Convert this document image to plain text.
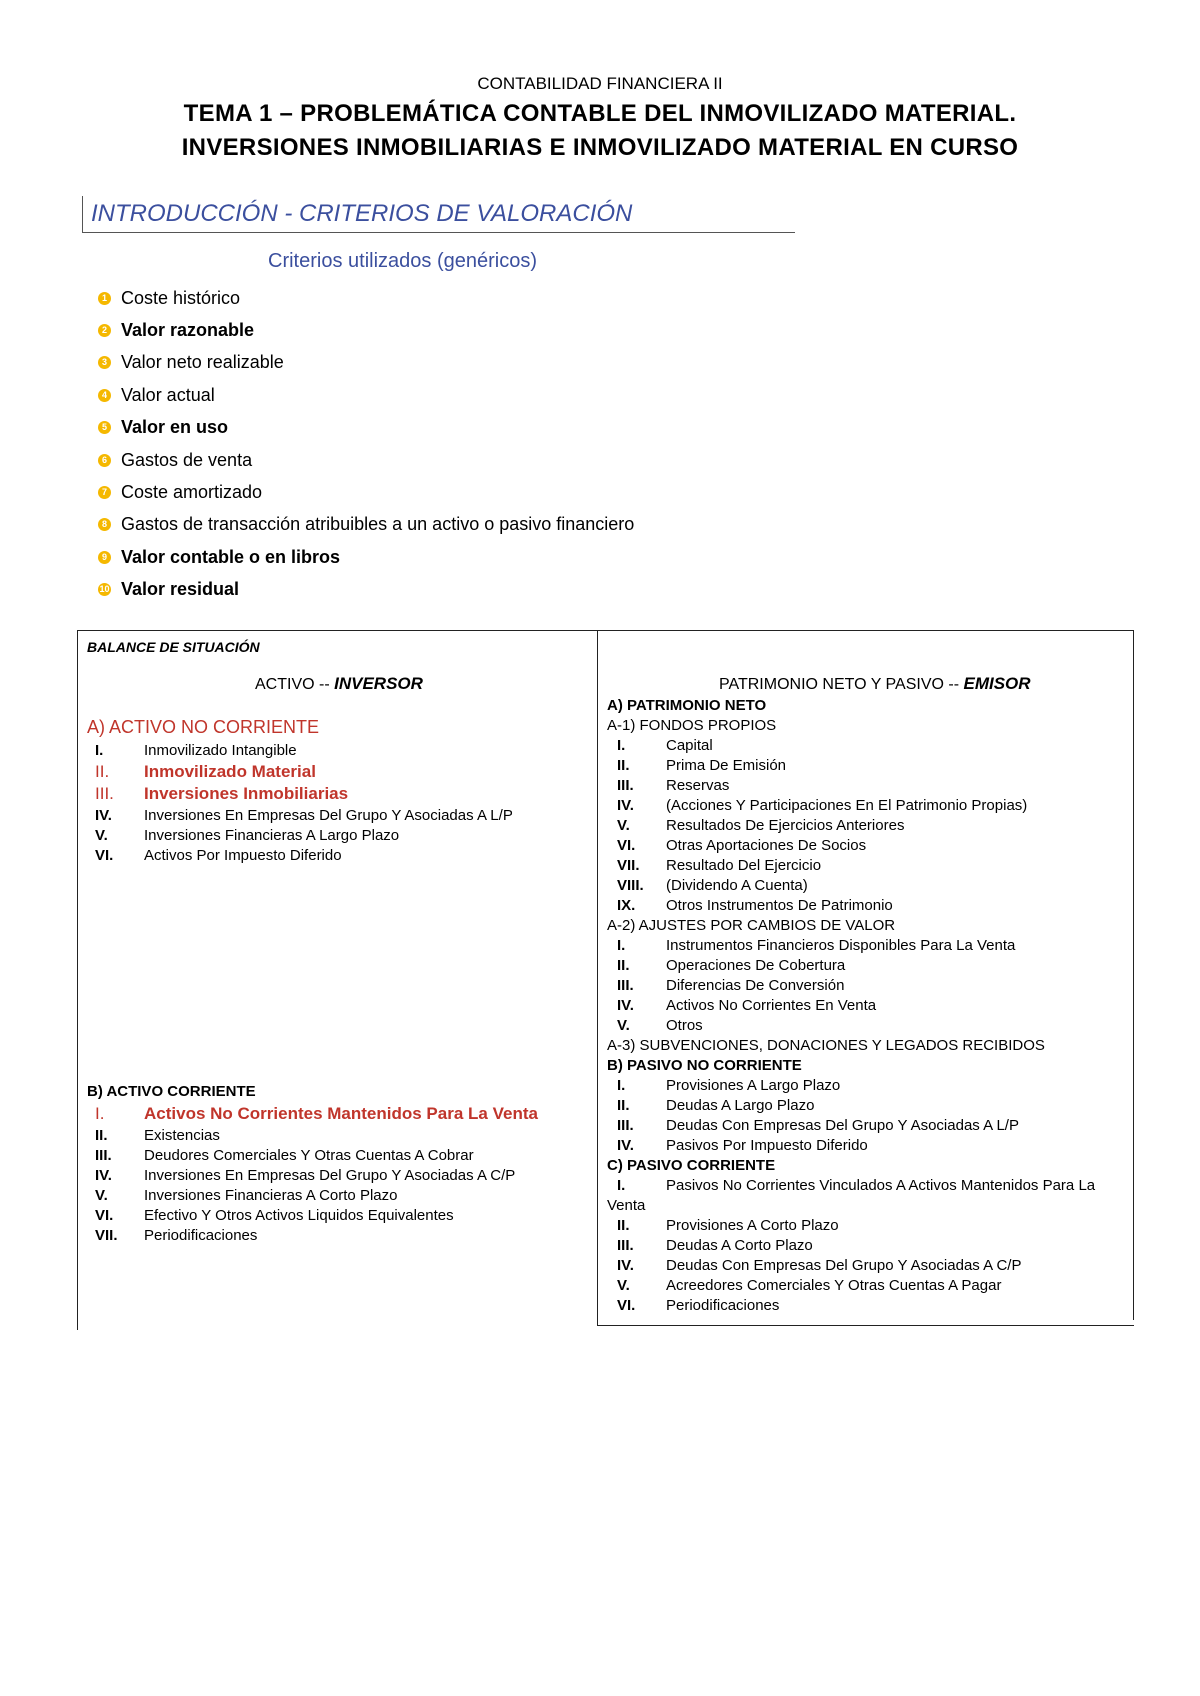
CONTABILIDAD FINANCIERA II
TEMA 1 – PROBLEMÁTICA CONTABLE DEL INMOVILIZADO MATERIAL.
INVERSIONES INMOBILIARIAS E INMOVILIZADO MATERIAL EN CURSO
INTRODUCCIÓN - CRITERIOS DE VALORACIÓN
Criterios utilizados (genéricos)
1 Coste histórico
2 Valor razonable
3 Valor neto realizable
4 Valor actual
5 Valor en uso
6 Gastos de venta
7 Coste amortizado
8 Gastos de transacción atribuibles a un activo o pasivo financiero
9 Valor contable o en libros
10 Valor residual
BALANCE DE SITUACIÓN
ACTIVO -- INVERSOR
A) ACTIVO NO CORRIENTE
I.	Inmovilizado Intangible
II. Inmovilizado Material
III. Inversiones Inmobiliarias
IV. Inversiones En Empresas Del Grupo Y Asociadas A L/P
V. Inversiones Financieras A Largo Plazo
VI. Activos Por Impuesto Diferido
B) ACTIVO CORRIENTE
I. Activos No Corrientes Mantenidos Para La Venta
II. Existencias
III. Deudores Comerciales Y Otras Cuentas A Cobrar
IV. Inversiones En Empresas Del Grupo Y Asociadas A C/P
V. Inversiones Financieras A Corto Plazo
VI. Efectivo Y Otros Activos Liquidos Equivalentes
VII. Periodificaciones
PATRIMONIO NETO Y PASIVO -- EMISOR
A) PATRIMONIO NETO
A-1) FONDOS PROPIOS
I.	Capital
II. Prima De Emisión
III. Reservas
IV. (Acciones Y Participaciones En El Patrimonio Propias)
V. Resultados De Ejercicios Anteriores
VI. Otras Aportaciones De Socios
VII. Resultado Del Ejercicio
VIII. (Dividendo A Cuenta)
IX. Otros Instrumentos De Patrimonio
A-2) AJUSTES POR CAMBIOS DE VALOR
I.	Instrumentos Financieros Disponibles Para La Venta
II. Operaciones De Cobertura
III. Diferencias De Conversión
IV. Activos No Corrientes En Venta
V. Otros
A-3) SUBVENCIONES, DONACIONES Y LEGADOS RECIBIDOS
B) PASIVO NO CORRIENTE
I.	Provisiones A Largo Plazo
II. Deudas A Largo Plazo
III. Deudas Con Empresas Del Grupo Y Asociadas A L/P
IV. Pasivos Por Impuesto Diferido
C) PASIVO CORRIENTE
I.	Pasivos No Corrientes Vinculados A Activos Mantenidos Para La
Venta
II. Provisiones A Corto Plazo
III. Deudas A Corto Plazo
IV. Deudas Con Empresas Del Grupo Y Asociadas A C/P
V. Acreedores Comerciales Y Otras Cuentas A Pagar
VI. Periodificaciones
